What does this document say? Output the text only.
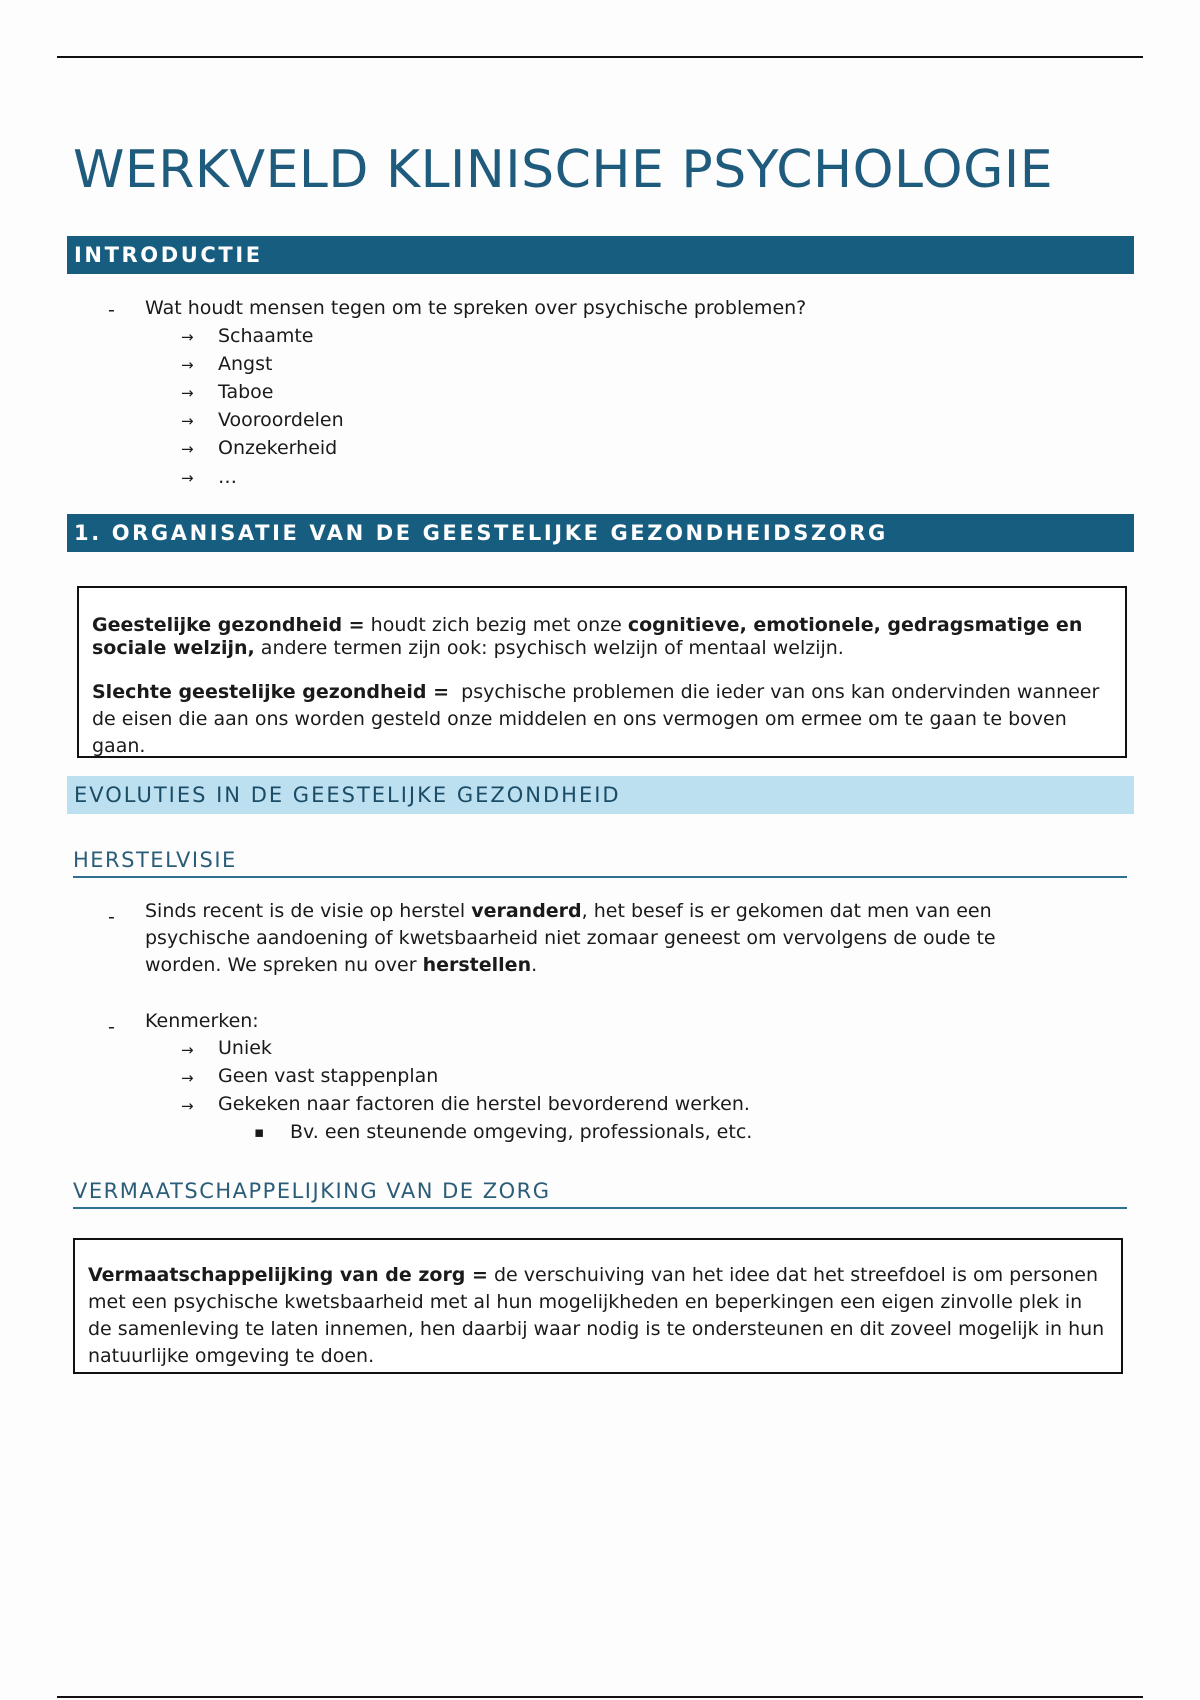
WERKVELD KLINISCHE PSYCHOLOGIE
INTRODUCTIE
- Wat houdt mensen tegen om te spreken over psychische problemen?
→ Schaamte
→ Angst
→ Taboe
→ Vooroordelen
→ Onzekerheid
→ …
1. ORGANISATIE VAN DE GEESTELIJKE GEZONDHEIDSZORG

Geestelijke gezondheid = houdt zich bezig met onze cognitieve, emotionele, gedragsmatige en sociale welzijn, andere termen zijn ook: psychisch welzijn of mentaal welzijn.

Slechte geestelijke gezondheid =  psychische problemen die ieder van ons kan ondervinden wanneer de eisen die aan ons worden gesteld onze middelen en ons vermogen om ermee om te gaan te boven gaan.

EVOLUTIES IN DE GEESTELIJKE GEZONDHEID
HERSTELVISIE
- Sinds recent is de visie op herstel veranderd, het besef is er gekomen dat men van een psychische aandoening of kwetsbaarheid niet zomaar geneest om vervolgens de oude te worden. We spreken nu over herstellen.
- Kenmerken:
→ Uniek
→ Geen vast stappenplan
→ Gekeken naar factoren die herstel bevorderend werken.
▪ Bv. een steunende omgeving, professionals, etc.
VERMAATSCHAPPELIJKING VAN DE ZORG

Vermaatschappelijking van de zorg = de verschuiving van het idee dat het streefdoel is om personen met een psychische kwetsbaarheid met al hun mogelijkheden en beperkingen een eigen zinvolle plek in de samenleving te laten innemen, hen daarbij waar nodig is te ondersteunen en dit zoveel mogelijk in hun natuurlijke omgeving te doen.
